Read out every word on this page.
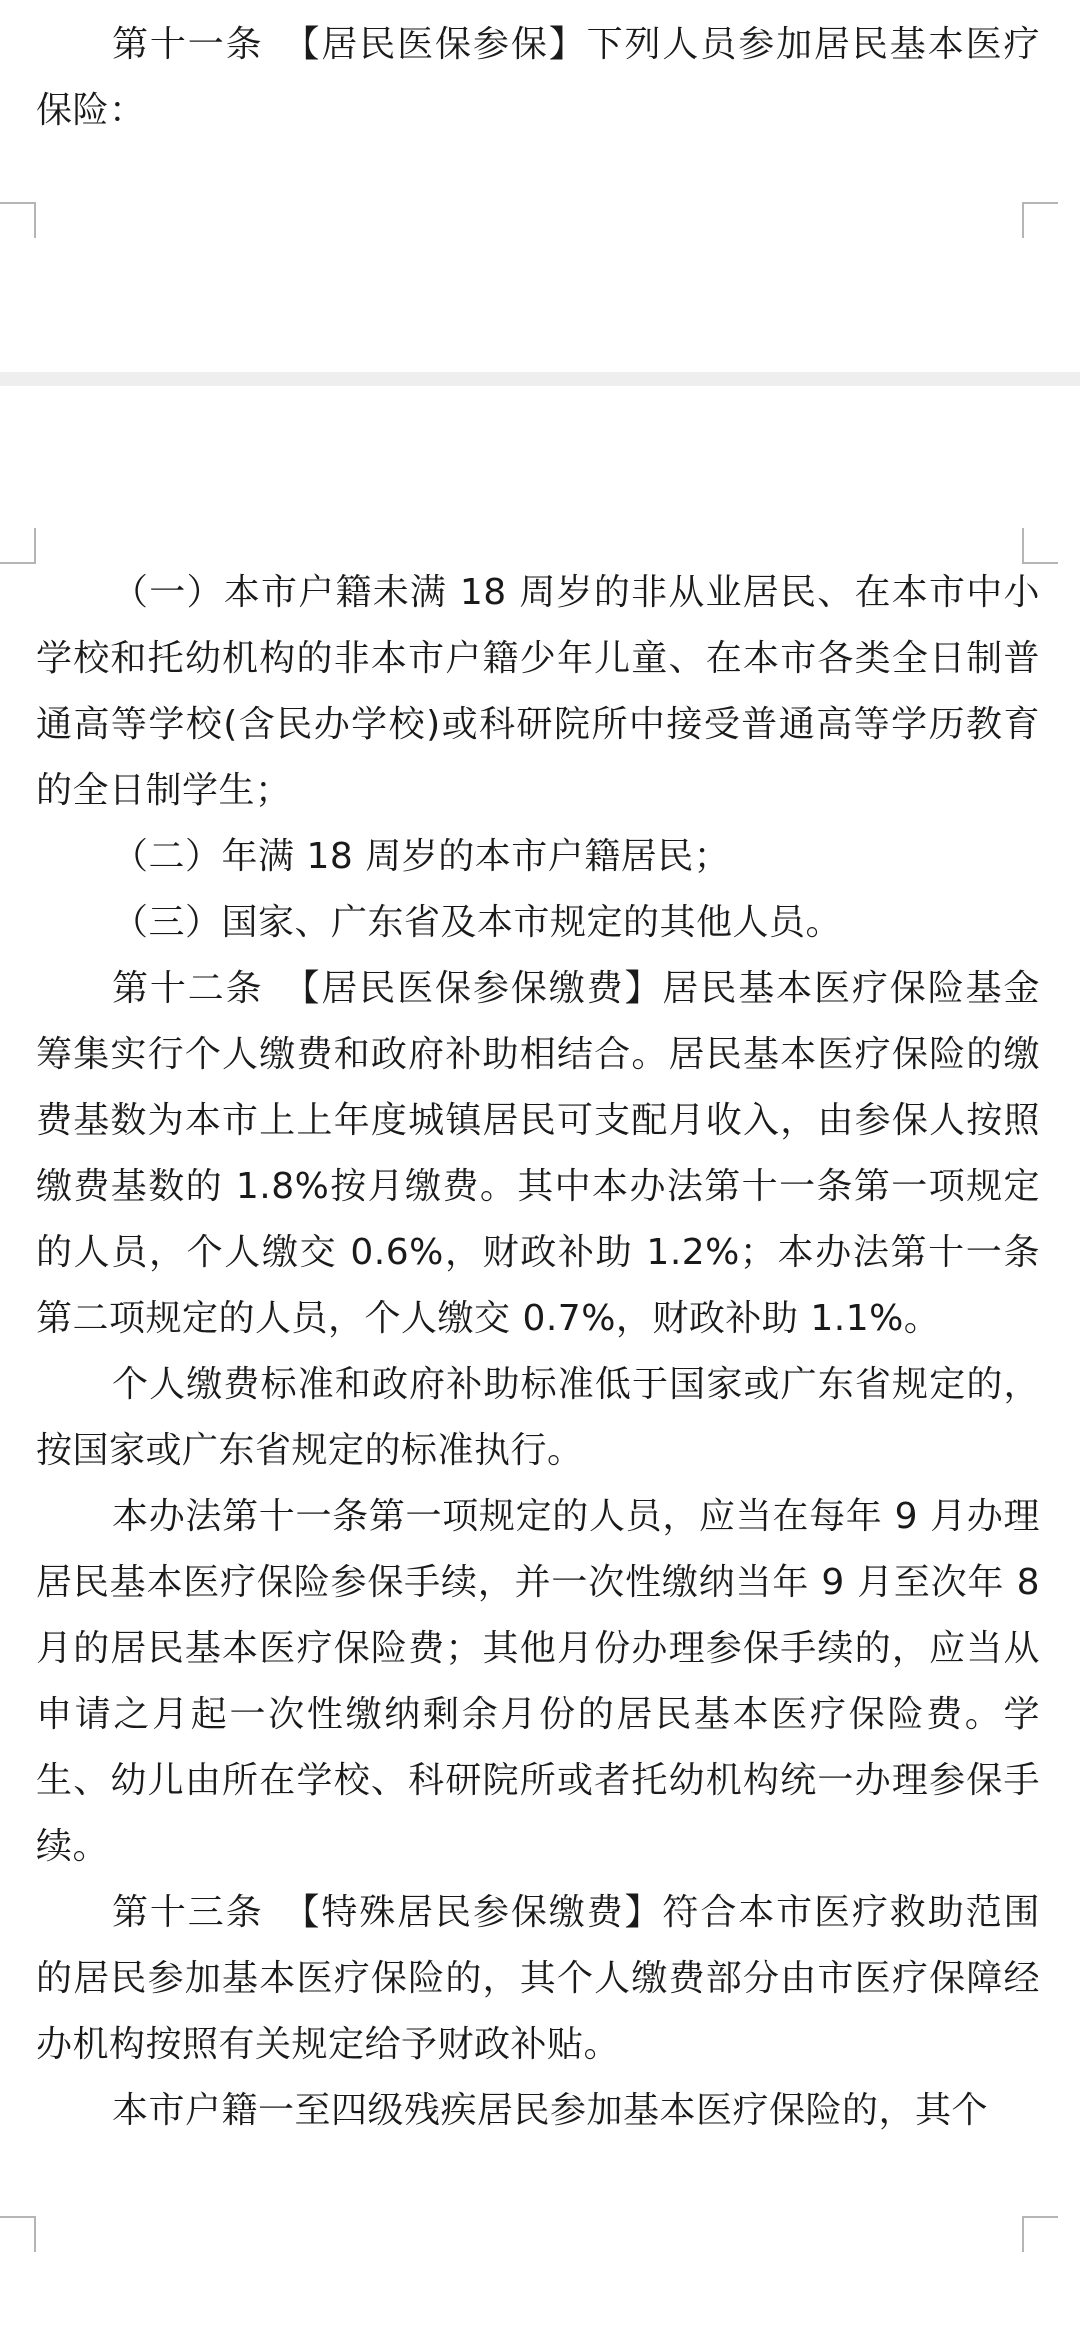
第十一条　【居民医保参保】下列人员参加居民基本医疗保险：

（一）本市户籍未满 18 周岁的非从业居民、在本市中小学校和托幼机构的非本市户籍少年儿童、在本市各类全日制普通高等学校(含民办学校)或科研院所中接受普通高等学历教育的全日制学生；

（二）年满 18 周岁的本市户籍居民；

（三）国家、广东省及本市规定的其他人员。

第十二条　【居民医保参保缴费】居民基本医疗保险基金筹集实行个人缴费和政府补助相结合。居民基本医疗保险的缴费基数为本市上上年度城镇居民可支配月收入，由参保人按照缴费基数的 1.8%按月缴费。其中本办法第十一条第一项规定的人员，个人缴交 0.6%，财政补助 1.2%；本办法第十一条第二项规定的人员，个人缴交 0.7%，财政补助 1.1%。

个人缴费标准和政府补助标准低于国家或广东省规定的，按国家或广东省规定的标准执行。

本办法第十一条第一项规定的人员，应当在每年 9 月办理居民基本医疗保险参保手续，并一次性缴纳当年 9 月至次年 8 月的居民基本医疗保险费；其他月份办理参保手续的，应当从申请之月起一次性缴纳剩余月份的居民基本医疗保险费。学生、幼儿由所在学校、科研院所或者托幼机构统一办理参保手续。

第十三条　【特殊居民参保缴费】符合本市医疗救助范围的居民参加基本医疗保险的，其个人缴费部分由市医疗保障经办机构按照有关规定给予财政补贴。

本市户籍一至四级残疾居民参加基本医疗保险的，其个
